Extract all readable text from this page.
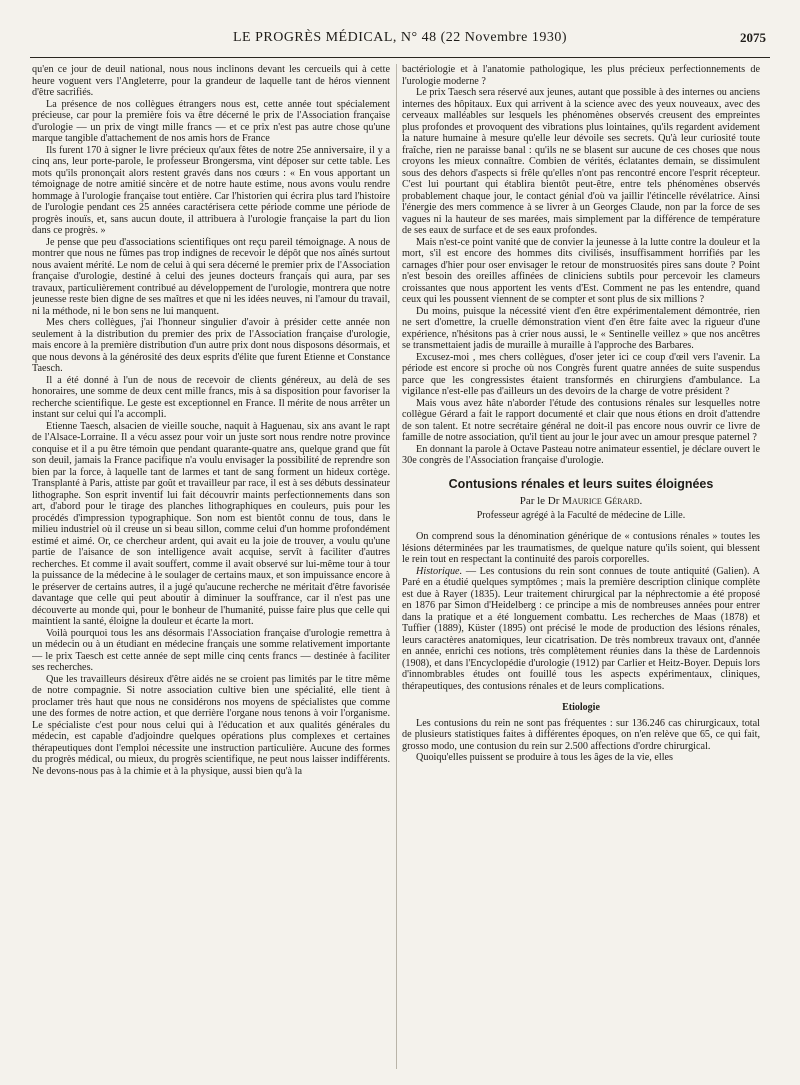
LE PROGRÈS MÉDICAL, N° 48 (22 Novembre 1930)	2075

qu'en ce jour de deuil national, nous nous inclinons devant les cercueils qui à cette heure voguent vers l'Angleterre, pour la grandeur de laquelle tant de héros viennent d'être sacrifiés.

La présence de nos collègues étrangers nous est, cette année tout spécialement précieuse, car pour la première fois va être décerné le prix de l'Association française d'urologie — un prix de vingt mille francs — et ce prix n'est pas autre chose qu'une marque tangible d'attachement de nos amis hors de France

Ils furent 170 à signer le livre précieux qu'aux fêtes de notre 25e anniversaire, il y a cinq ans, leur porte-parole, le professeur Brongersma, vint déposer sur cette table. Les mots qu'ils prononçait alors restent gravés dans nos cœurs : « En vous apportant un témoignage de notre amitié sincère et de notre haute estime, nous avons voulu rendre hommage à l'urologie française tout entière. Car l'historien qui écrira plus tard l'histoire de l'urologie pendant ces 25 années caractérisera cette période comme une période de progrès inouïs, et, sans aucun doute, il attribuera à l'urologie française la part du lion dans ce progrès. »

Je pense que peu d'associations scientifiques ont reçu pareil témoignage. A nous de montrer que nous ne fûmes pas trop indignes de recevoir le dépôt que nos aînés surtout nous avaient mérité. Le nom de celui à qui sera décerné le premier prix de l'Association française d'urologie, destiné à celui des jeunes docteurs français qui aura, par ses travaux, particulièrement contribué au développement de l'urologie, montrera que notre jeunesse reste bien digne de ses maîtres et que ni les idées neuves, ni l'amour du travail, ni la méthode, ni le bon sens ne lui manquent.

Mes chers collègues, j'ai l'honneur singulier d'avoir à présider cette année non seulement à la distribution du premier des prix de l'Association française d'urologie, mais encore à la première distribution d'un autre prix dont nous disposons désormais, et que nous devons à la générosité des deux esprits d'élite que furent Etienne et Constance Taesch.

Il a été donné à l'un de nous de recevoir de clients généreux, au delà de ses honoraires, une somme de deux cent mille francs, mis à sa disposition pour favoriser la recherche scientifique. Le geste est exceptionnel en France. Il mérite de nous arrêter un instant sur celui qui l'a accompli.

Etienne Taesch, alsacien de vieille souche, naquit à Haguenau, six ans avant le rapt de l'Alsace-Lorraine. Il a vécu assez pour voir un juste sort nous rendre notre province conquise et il a pu être témoin que pendant quarante-quatre ans, quelque grand que fût son deuil, jamais la France pacifique n'a voulu envisager la possibilité de reprendre son bien par la force, à laquelle tant de larmes et tant de sang forment un hideux cortège. Transplanté à Paris, attiste par goût et travailleur par race, il est à ses débuts dessinateur lithographe. Son esprit inventif lui fait découvrir maints perfectionnements dans son art, d'abord pour le tirage des planches lithographiques en couleurs, puis pour les procédés d'impression typographique. Son nom est bientôt connu de tous, dans le milieu industriel où il creuse un si beau sillon, comme celui d'un homme profondément estimé et aimé. Or, ce chercheur ardent, qui avait eu la joie de trouver, a voulu qu'une partie de l'aisance de son intelligence avait acquise, servît à faciliter d'autres recherches. Et comme il avait souffert, comme il avait observé sur lui-même tour à tour la puissance de la médecine à le soulager de certains maux, et son impuissance encore à le préserver de certains autres, il a jugé qu'aucune recherche ne méritait d'être favorisée davantage que celle qui peut aboutir à diminuer la souffrance, car il n'est pas une découverte au monde qui, pour le bonheur de l'humanité, puisse faire plus que celle qui maintient la santé, éloigne la douleur et écarte la mort.

Voilà pourquoi tous les ans désormais l'Association française d'urologie remettra à un médecin ou à un étudiant en médecine français une somme relativement importante — le prix Taesch est cette année de sept mille cinq cents francs — destinée à faciliter ses recherches.

Que les travailleurs désireux d'être aidés ne se croient pas limités par le titre même de notre compagnie. Si notre association cultive bien une spécialité, elle tient à proclamer très haut que nous ne considérons nos moyens de spécialistes que comme une des formes de notre action, et que derrière l'organe nous tenons à voir l'organisme. Le spécialiste c'est pour nous celui qui à l'éducation et aux qualités générales du médecin, est capable d'adjoindre quelques opérations plus complexes et certaines thérapeutiques dont l'emploi nécessite une instruction particulière. Aucune des formes du progrès médical, ou mieux, du progrès scientifique, ne peut nous laisser indifférents. Ne devons-nous pas à la chimie et à la physique, aussi bien qu'à la

bactériologie et à l'anatomie pathologique, les plus précieux perfectionnements de l'urologie moderne ?

Le prix Taesch sera réservé aux jeunes, autant que possible à des internes ou anciens internes des hôpitaux. Eux qui arrivent à la science avec des yeux nouveaux, avec des cerveaux malléables sur lesquels les phénomènes observés creusent des empreintes plus profondes et provoquent des vibrations plus lointaines, qu'ils regardent avidement la nature humaine à mesure qu'elle leur dévoile ses secrets. Qu'à leur curiosité toute fraîche, rien ne paraisse banal : qu'ils ne se blasent sur aucune de ces choses que nous croyons les mieux connaître. Combien de vérités, éclatantes demain, se dissimulent sous des dehors d'aspects si frêle qu'elles n'ont pas rencontré encore l'esprit récepteur. C'est lui pourtant qui établira bientôt peut-être, entre tels phénomènes observés probablement chaque jour, le contact génial d'où va jaillir l'étincelle révélatrice. Ainsi l'énergie des mers commence à se livrer à un Georges Claude, non par la force de ses vagues ni la hauteur de ses marées, mais simplement par la différence de température de ses eaux de surface et de ses eaux profondes.

Mais n'est-ce point vanité que de convier la jeunesse à la lutte contre la douleur et la mort, s'il est encore des hommes dits civilisés, insuffisamment horrifiés par les carnages d'hier pour oser envisager le retour de monstruosités pires sans doute ? Point n'est besoin des oreilles affinées de cliniciens subtils pour percevoir les clameurs croissantes que nous apportent les vents d'Est. Comment ne pas les entendre, quand ceux qui les poussent viennent de se compter et sont plus de six millions ?

Du moins, puisque la nécessité vient d'en être expérimentalement démontrée, rien ne sert d'omettre, la cruelle démonstration vient d'en être faite avec la rigueur d'une expérience, n'hésitons pas à crier nous aussi, le « Sentinelle veillez » que nos ancêtres se transmettaient jadis de muraille à muraille à l'approche des Barbares.

Excusez-moi , mes chers collègues, d'oser jeter ici ce coup d'œil vers l'avenir. La période est encore si proche où nos Congrès furent quatre années de suite suspendus parce que les congressistes étaient transformés en chirurgiens d'ambulance. La vigilance n'est-elle pas d'ailleurs un des devoirs de la charge de votre président ?

Mais vous avez hâte n'aborder l'étude des contusions rénales sur lesquelles notre collègue Gérard a fait le rapport documenté et clair que nous étions en droit d'attendre de son talent. Et notre secrétaire général ne doit-il pas encore nous ouvrir ce livre de famille de notre association, qu'il tient au jour le jour avec un amour presque paternel ?

En donnant la parole à Octave Pasteau notre animateur essentiel, je déclare ouvert le 30e congrès de l'Association française d'urologie.

Contusions rénales et leurs suites éloignées
Par le Dr Maurice Gérard.
Professeur agrégé à la Faculté de médecine de Lille.

On comprend sous la dénomination générique de « contusions rénales » toutes les lésions déterminées par les traumatismes, de quelque nature qu'ils soient, qui blessent le rein tout en respectant la continuité des parois corporelles.

Historique. — Les contusions du rein sont connues de toute antiquité (Galien). A Paré en a étudié quelques symptômes ; mais la première description clinique complète est due à Rayer (1835). Leur traitement chirurgical par la néphrectomie a été proposé en 1876 par Simon d'Heidelberg : ce principe a mis de nombreuses années pour entrer dans la pratique et a été longuement combattu. Les recherches de Maas (1878) et Tuffier (1889), Küster (1895) ont précisé le mode de production des lésions rénales, leurs caractères anatomiques, leur cicatrisation. De très nombreux travaux ont, d'année en année, enrichi ces notions, très complètement réunies dans la thèse de Lardennois (1908), et dans l'Encyclopédie d'urologie (1912) par Carlier et Heitz-Boyer. Depuis lors d'innombrables études ont fouillé tous les aspects expérimentaux, cliniques, thérapeutiques, des contusions rénales et de leurs complications.

Etiologie

Les contusions du rein ne sont pas fréquentes : sur 136.246 cas chirurgicaux, total de plusieurs statistiques faites à différentes époques, on n'en relève que 65, ce qui fait, grosso modo, une contusion du rein sur 2.500 affections d'ordre chirurgical.

Quoiqu'elles puissent se produire à tous les âges de la vie, elles
